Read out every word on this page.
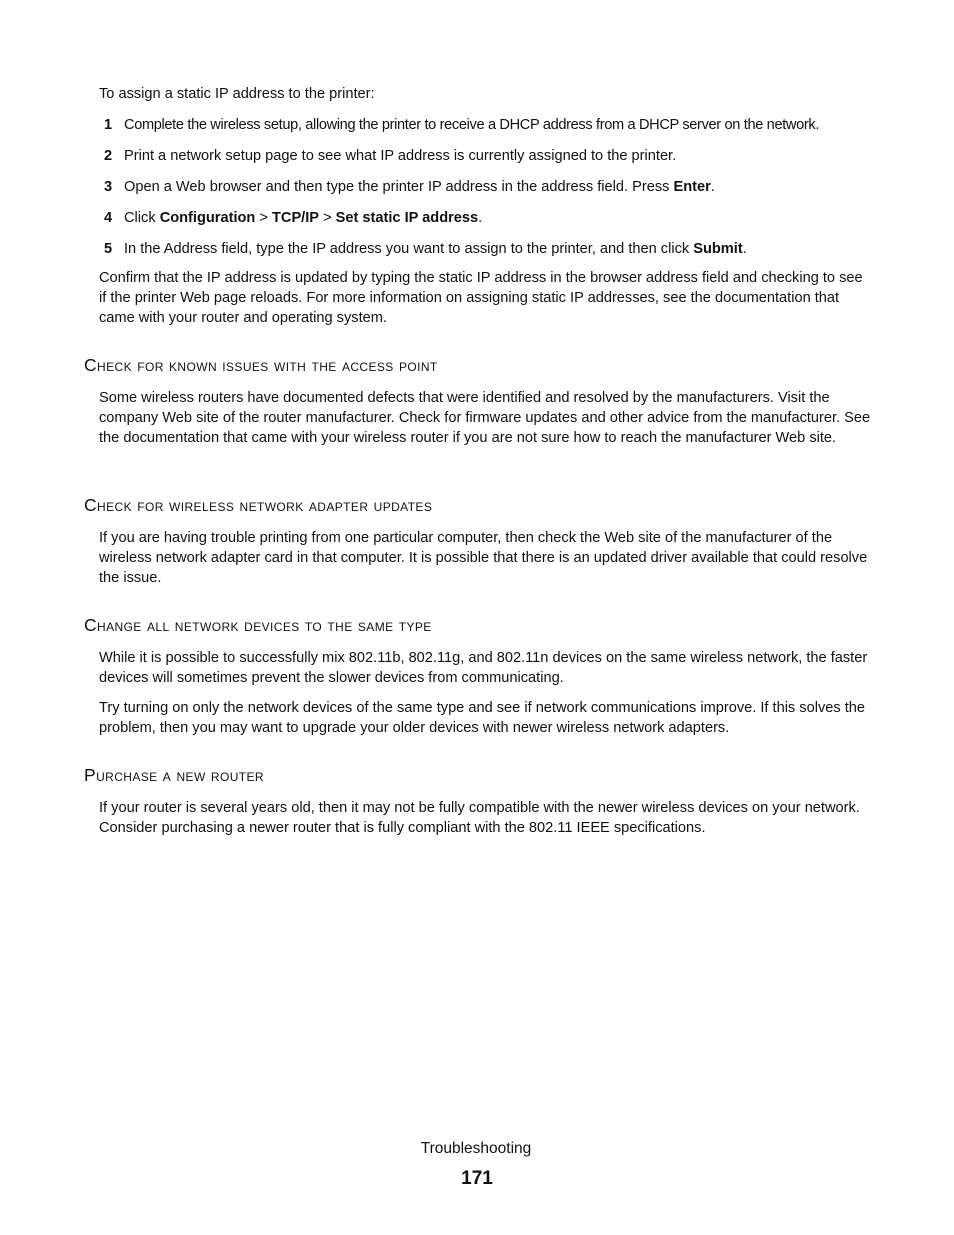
To assign a static IP address to the printer:

1 Complete the wireless setup, allowing the printer to receive a DHCP address from a DHCP server on the network.
2 Print a network setup page to see what IP address is currently assigned to the printer.
3 Open a Web browser and then type the printer IP address in the address field. Press Enter.
4 Click Configuration > TCP/IP > Set static IP address.
5 In the Address field, type the IP address you want to assign to the printer, and then click Submit.

Confirm that the IP address is updated by typing the static IP address in the browser address field and checking to see if the printer Web page reloads. For more information on assigning static IP addresses, see the documentation that came with your router and operating system.

Check for known issues with the access point

Some wireless routers have documented defects that were identified and resolved by the manufacturers. Visit the company Web site of the router manufacturer. Check for firmware updates and other advice from the manufacturer. See the documentation that came with your wireless router if you are not sure how to reach the manufacturer Web site.

Check for wireless network adapter updates

If you are having trouble printing from one particular computer, then check the Web site of the manufacturer of the wireless network adapter card in that computer. It is possible that there is an updated driver available that could resolve the issue.

Change all network devices to the same type

While it is possible to successfully mix 802.11b, 802.11g, and 802.11n devices on the same wireless network, the faster devices will sometimes prevent the slower devices from communicating.

Try turning on only the network devices of the same type and see if network communications improve. If this solves the problem, then you may want to upgrade your older devices with newer wireless network adapters.

Purchase a new router

If your router is several years old, then it may not be fully compatible with the newer wireless devices on your network. Consider purchasing a newer router that is fully compliant with the 802.11 IEEE specifications.

Troubleshooting
171
